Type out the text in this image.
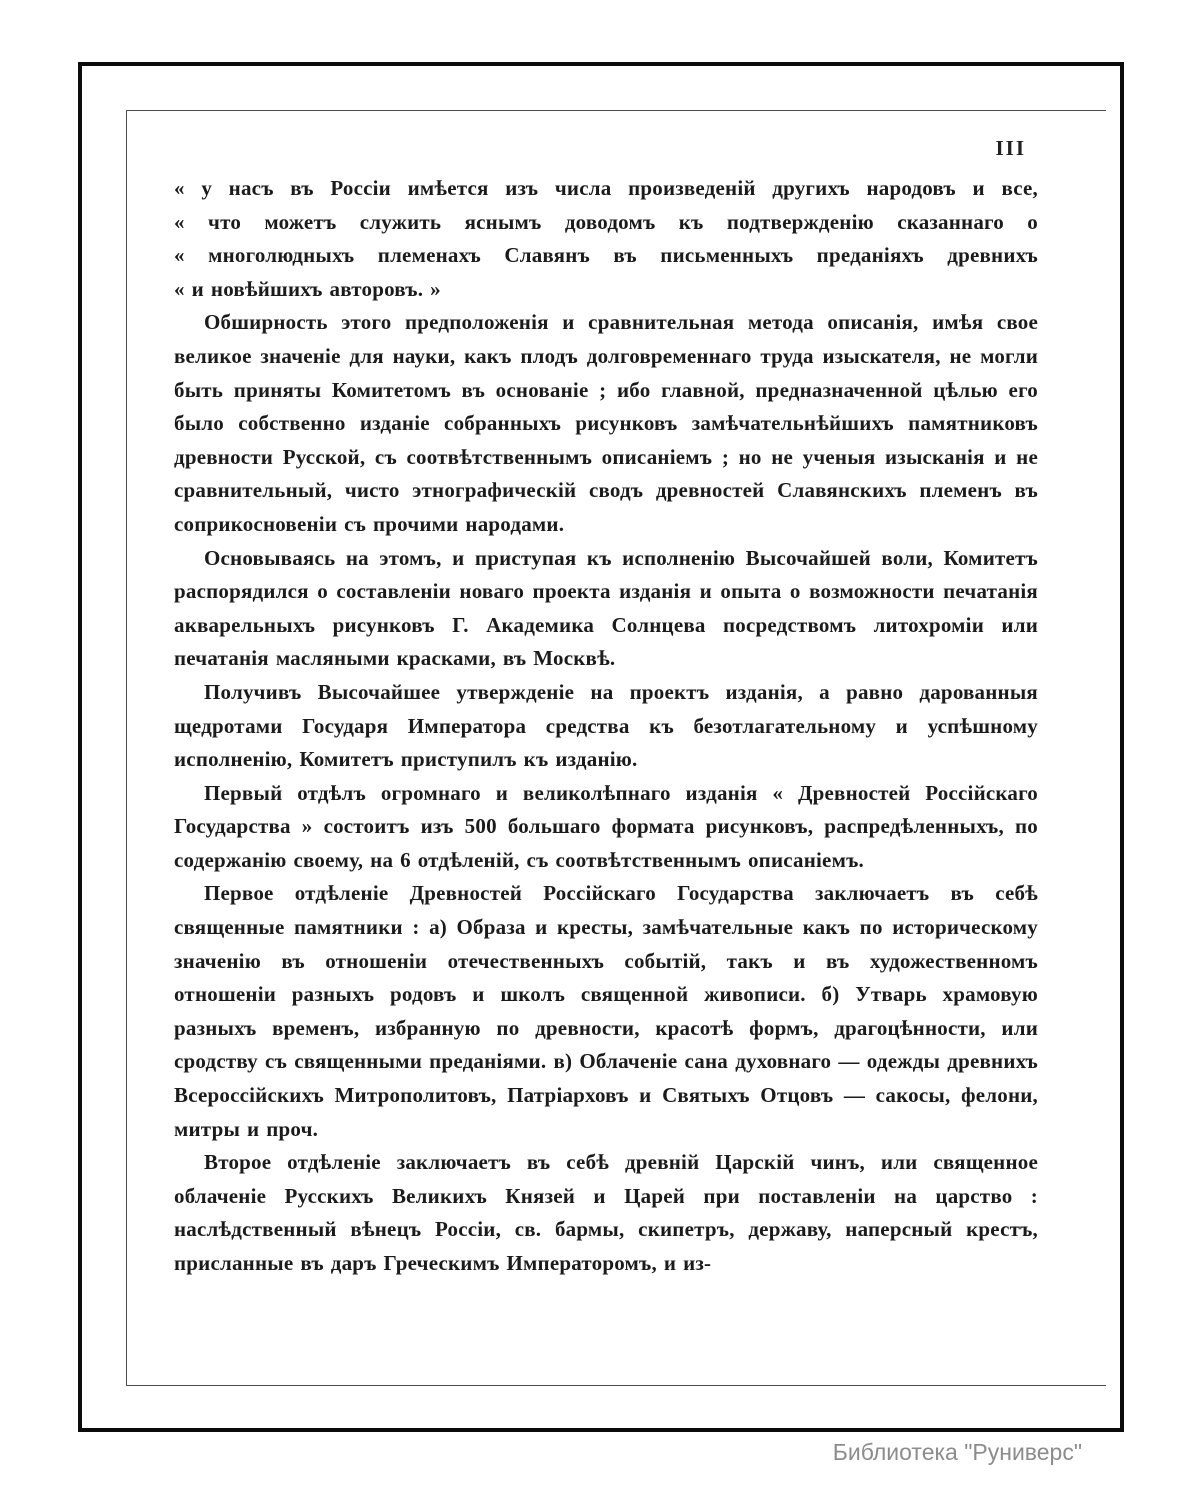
III
« у насъ въ Россіи имѣется изъ числа произведеній другихъ народовъ и все,
« что можетъ служить яснымъ доводомъ къ подтвержденію сказаннаго о
« многолюдныхъ племенахъ Славянъ въ письменныхъ преданіяхъ древнихъ
« и новѣйшихъ авторовъ. »

Обширность этого предположенія и сравнительная метода описанія, имѣя свое великое значеніе для науки, какъ плодъ долговременнаго труда изыскателя, не могли быть приняты Комитетомъ въ основаніе ; ибо главной, предназначенной цѣлью его было собственно изданіе собранныхъ рисунковъ замѣчательнѣйшихъ памятниковъ древности Русской, съ соотвѣтственнымъ описаніемъ ; но не ученыя изысканія и не сравнительный, чисто этнографическій сводъ древностей Славянскихъ племенъ въ соприкосновеніи съ прочими народами.

Основываясь на этомъ, и приступая къ исполненію Высочайшей воли, Комитетъ распорядился о составленіи новаго проекта изданія и опыта о возможности печатанія акварельныхъ рисунковъ Г. Академика Солнцева посредствомъ литохроміи или печатанія масляными красками, въ Москвѣ.

Получивъ Высочайшее утвержденіе на проектъ изданія, а равно дарованныя щедротами Государя Императора средства къ безотлагательному и успѣшному исполненію, Комитетъ приступилъ къ изданію.

Первый отдѣлъ огромнаго и великолѣпнаго изданія « Древностей Россійскаго Государства » состоитъ изъ 500 большаго формата рисунковъ, распредѣленныхъ, по содержанію своему, на 6 отдѣленій, съ соотвѣтственнымъ описаніемъ.

Первое отдѣленіе Древностей Россійскаго Государства заключаетъ въ себѣ священные памятники : а) Образа и кресты, замѣчательные какъ по историческому значенію въ отношеніи отечественныхъ событій, такъ и въ художественномъ отношеніи разныхъ родовъ и школъ священной живописи. б) Утварь храмовую разныхъ временъ, избранную по древности, красотѣ формъ, драгоцѣнности, или сродству съ священными преданіями. в) Облаченіе сана духовнаго — одежды древнихъ Всероссійскихъ Митрополитовъ, Патріарховъ и Святыхъ Отцовъ — сакосы, фелони, митры и проч.

Второе отдѣленіе заключаетъ въ себѣ древній Царскій чинъ, или священное облаченіе Русскихъ Великихъ Князей и Царей при поставленіи на царство : наслѣдственный вѣнецъ Россіи, св. бармы, скипетръ, державу, наперсный крестъ, присланные въ даръ Греческимъ Императоромъ, и из-

Библиотека "Руниверс"
